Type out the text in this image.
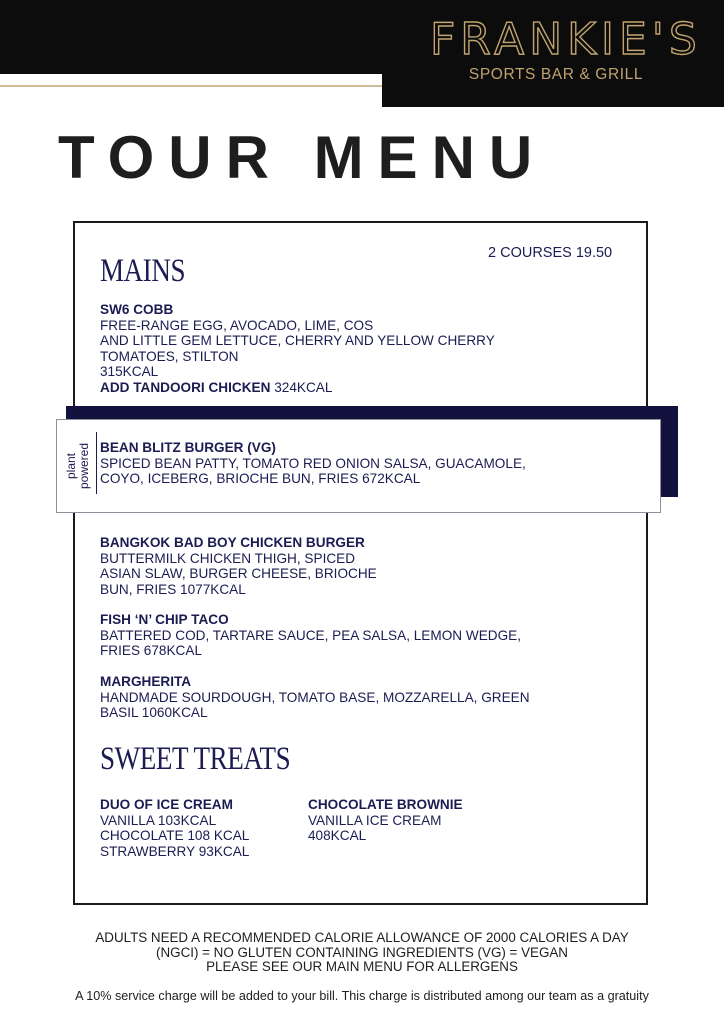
FRANKIE'S
SPORTS BAR & GRILL
TOUR MENU
MAINS	2 COURSES 19.50
SW6 COBB
FREE-RANGE EGG, AVOCADO, LIME, COS
AND LITTLE GEM LETTUCE, CHERRY AND YELLOW CHERRY
TOMATOES, STILTON
315KCAL
ADD TANDOORI CHICKEN 324KCAL
plant powered BEAN BLITZ BURGER (VG)
SPICED BEAN PATTY, TOMATO RED ONION SALSA, GUACAMOLE,
COYO, ICEBERG, BRIOCHE BUN, FRIES 672KCAL
BANGKOK BAD BOY CHICKEN BURGER
BUTTERMILK CHICKEN THIGH, SPICED
ASIAN SLAW, BURGER CHEESE, BRIOCHE
BUN, FRIES 1077KCAL
FISH ‘N’ CHIP TACO
BATTERED COD, TARTARE SAUCE, PEA SALSA, LEMON WEDGE,
FRIES 678KCAL
MARGHERITA
HANDMADE SOURDOUGH, TOMATO BASE, MOZZARELLA, GREEN
BASIL 1060KCAL
SWEET TREATS
DUO OF ICE CREAM
VANILLA 103KCAL
CHOCOLATE 108 KCAL
STRAWBERRY 93KCAL
CHOCOLATE BROWNIE
VANILLA ICE CREAM
408KCAL
ADULTS NEED A RECOMMENDED CALORIE ALLOWANCE OF 2000 CALORIES A DAY
(NGCI) = NO GLUTEN CONTAINING INGREDIENTS (VG) = VEGAN
PLEASE SEE OUR MAIN MENU FOR ALLERGENS
A 10% service charge will be added to your bill. This charge is distributed among our team as a gratuity
